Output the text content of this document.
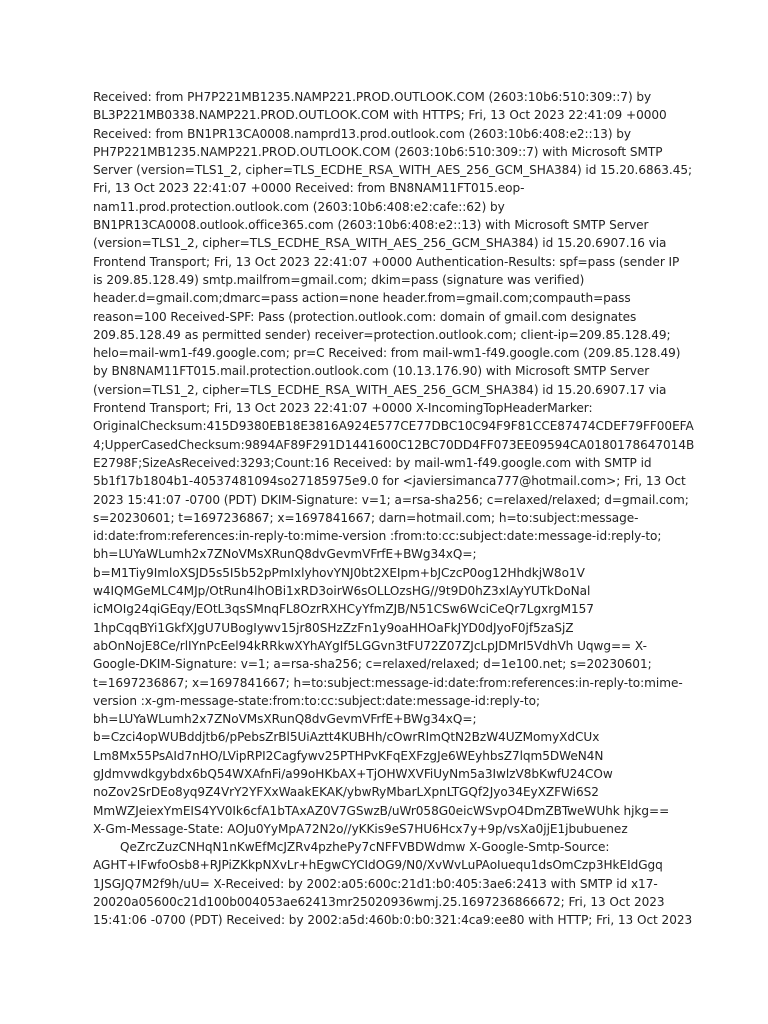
Received: from PH7P221MB1235.NAMP221.PROD.OUTLOOK.COM (2603:10b6:510:309::7) by
BL3P221MB0338.NAMP221.PROD.OUTLOOK.COM with HTTPS; Fri, 13 Oct 2023 22:41:09 +0000
Received: from BN1PR13CA0008.namprd13.prod.outlook.com (2603:10b6:408:e2::13) by
PH7P221MB1235.NAMP221.PROD.OUTLOOK.COM (2603:10b6:510:309::7) with Microsoft SMTP
Server (version=TLS1_2, cipher=TLS_ECDHE_RSA_WITH_AES_256_GCM_SHA384) id 15.20.6863.45;
Fri, 13 Oct 2023 22:41:07 +0000 Received: from BN8NAM11FT015.eop-
nam11.prod.protection.outlook.com (2603:10b6:408:e2:cafe::62) by
BN1PR13CA0008.outlook.office365.com (2603:10b6:408:e2::13) with Microsoft SMTP Server
(version=TLS1_2, cipher=TLS_ECDHE_RSA_WITH_AES_256_GCM_SHA384) id 15.20.6907.16 via
Frontend Transport; Fri, 13 Oct 2023 22:41:07 +0000 Authentication-Results: spf=pass (sender IP
is 209.85.128.49) smtp.mailfrom=gmail.com; dkim=pass (signature was verified)
header.d=gmail.com;dmarc=pass action=none header.from=gmail.com;compauth=pass
reason=100 Received-SPF: Pass (protection.outlook.com: domain of gmail.com designates
209.85.128.49 as permitted sender) receiver=protection.outlook.com; client-ip=209.85.128.49;
helo=mail-wm1-f49.google.com; pr=C Received: from mail-wm1-f49.google.com (209.85.128.49)
by BN8NAM11FT015.mail.protection.outlook.com (10.13.176.90) with Microsoft SMTP Server
(version=TLS1_2, cipher=TLS_ECDHE_RSA_WITH_AES_256_GCM_SHA384) id 15.20.6907.17 via
Frontend Transport; Fri, 13 Oct 2023 22:41:07 +0000 X-IncomingTopHeaderMarker:
OriginalChecksum:415D9380EB18E3816A924E577CE77DBC10C94F9F81CCE87474CDEF79FF00EFA
4;UpperCasedChecksum:9894AF89F291D1441600C12BC70DD4FF073EE09594CA0180178647014B
E2798F;SizeAsReceived:3293;Count:16 Received: by mail-wm1-f49.google.com with SMTP id
5b1f17b1804b1-40537481094so27185975e9.0 for <javiersimanca777@hotmail.com>; Fri, 13 Oct
2023 15:41:07 -0700 (PDT) DKIM-Signature: v=1; a=rsa-sha256; c=relaxed/relaxed; d=gmail.com;
s=20230601; t=1697236867; x=1697841667; darn=hotmail.com; h=to:subject:message-
id:date:from:references:in-reply-to:mime-version :from:to:cc:subject:date:message-id:reply-to;
bh=LUYaWLumh2x7ZNoVMsXRunQ8dvGevmVFrfE+BWg34xQ=;
b=M1Tiy9ImloXSJD5s5I5b52pPmIxlyhovYNJ0bt2XEIpm+bJCzcP0og12HhdkjW8o1V
w4IQMGeMLC4MJp/OtRun4lhOBi1xRD3oirW6sOLLOzsHG//9t9D0hZ3xlAyYUTkDoNal
icMOIg24qiGEqy/EOtL3qsSMnqFL8OzrRXHCyYfmZJB/N51CSw6WciCeQr7LgxrgM157
1hpCqqBYi1GkfXJgU7UBogIywv15jr80SHzZzFn1y9oaHHOaFkJYD0dJyoF0jf5zaSjZ
abOnNojE8Ce/rlIYnPcEel94kRRkwXYhAYgIf5LGGvn3tFU72Z07ZJcLpJDMrI5VdhVh Uqwg== X-
Google-DKIM-Signature: v=1; a=rsa-sha256; c=relaxed/relaxed; d=1e100.net; s=20230601;
t=1697236867; x=1697841667; h=to:subject:message-id:date:from:references:in-reply-to:mime-
version :x-gm-message-state:from:to:cc:subject:date:message-id:reply-to;
bh=LUYaWLumh2x7ZNoVMsXRunQ8dvGevmVFrfE+BWg34xQ=;
b=Czci4opWUBddjtb6/pPebsZrBl5UiAztt4KUBHh/cOwrRImQtN2BzW4UZMomyXdCUx
Lm8Mx55PsAId7nHO/LVipRPI2Cagfywv25PTHPvKFqEXFzgJe6WEyhbsZ7lqm5DWeN4N
gJdmvwdkgybdx6bQ54WXAfnFi/a99oHKbAX+TjOHWXVFiUyNm5a3IwlzV8bKwfU24COw
noZov2SrDEo8yq9Z4VrY2YFXxWaakEKAK/ybwRyMbarLXpnLTGQf2Jyo34EyXZFWi6S2
MmWZJeiexYmEIS4YV0Ik6cfA1bTAxAZ0V7GSwzB/uWr058G0eicWSvpO4DmZBTweWUhk hjkg==
X-Gm-Message-State: AOJu0YyMpA72N2o//yKKis9eS7HU6Hcx7y+9p/vsXa0jjE1jbubuenez
QeZrcZuzCNHqN1nKwEfMcJZRv4pzhePy7cNFFVBDWdmw X-Google-Smtp-Source:
AGHT+IFwfoOsb8+RJPiZKkpNXvLr+hEgwCYCIdOG9/N0/XvWvLuPAoIuequ1dsOmCzp3HkEIdGgq
1JSGJQ7M2f9h/uU= X-Received: by 2002:a05:600c:21d1:b0:405:3ae6:2413 with SMTP id x17-
20020a05600c21d100b004053ae62413mr25020936wmj.25.1697236866672; Fri, 13 Oct 2023
15:41:06 -0700 (PDT) Received: by 2002:a5d:460b:0:b0:321:4ca9:ee80 with HTTP; Fri, 13 Oct 2023
